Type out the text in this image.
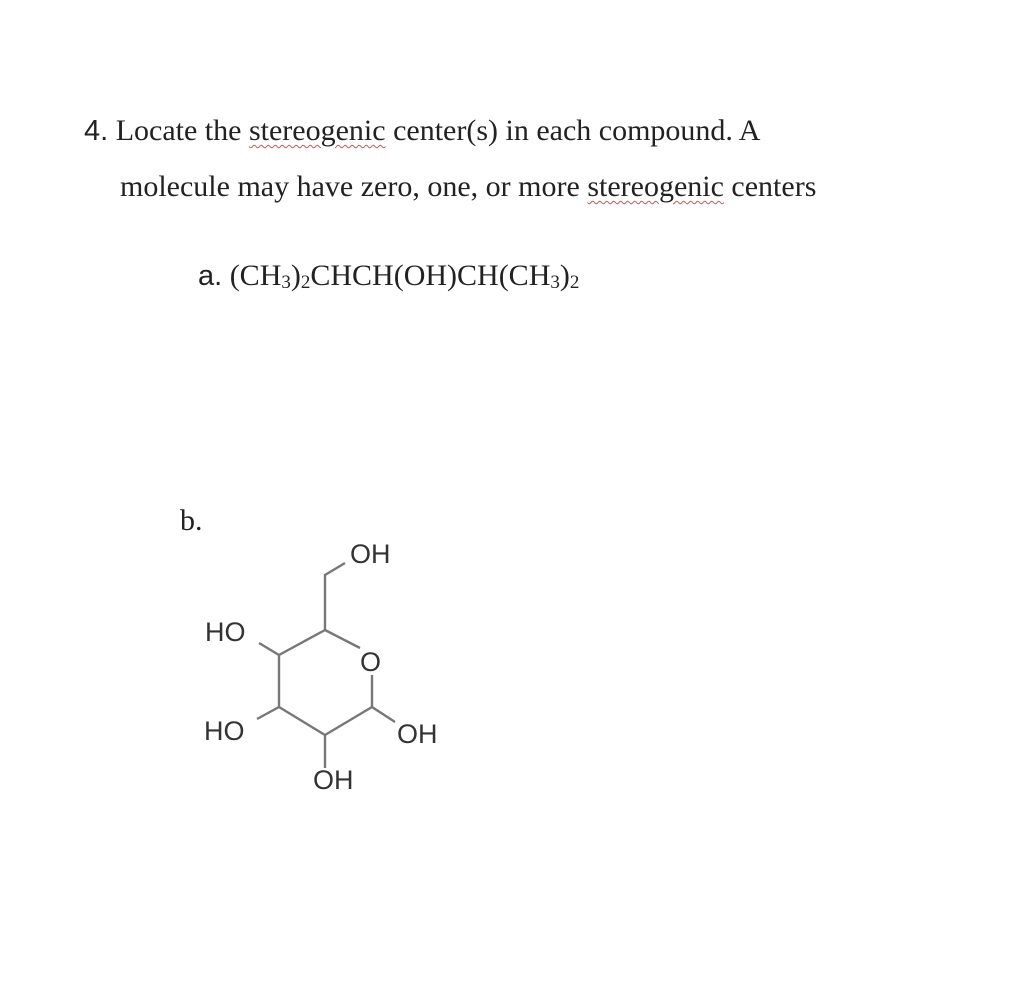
4. Locate the stereogenic center(s) in each compound. A
molecule may have zero, one, or more stereogenic centers
a. $(CH_3)_2CHCH(OH)CH(CH_3)_2$
b.
OH
HO
O
HO	OH
OH
